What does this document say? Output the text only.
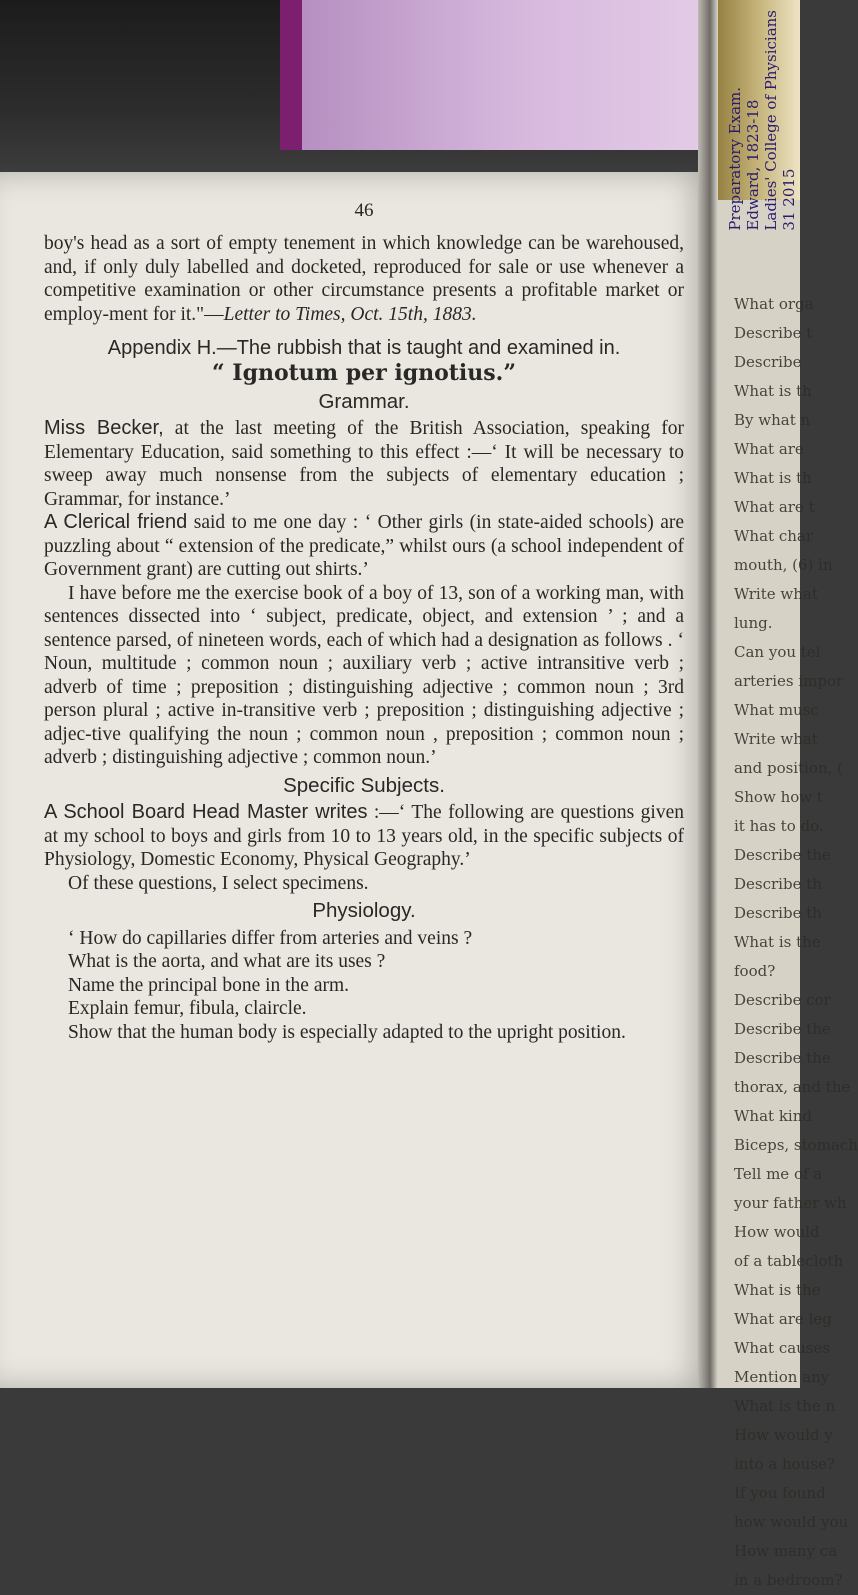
What orga
Describe t
Describe
What is th
By what n
What are
What is th
What are t
What char
mouth, (6) in
Write what
lung.
Can you tel
arteries impor
What musc
Write what
and position, (
Show how t
it has to do.
Describe the
Describe th
Describe th
What is the
food?
Describe cor
Describe the
Describe the
thorax, and the
What kind
Biceps, stomach
Tell me of a
your father wh
How would
of a tablecloth
What is the
What are leg
What causes
Mention any
What is the n
How would y
into a house?
If you found
how would you
How many ca
in a bedroom?
Preparatory Exam.
Edward, 1823-18
Ladies' College of Physicians
31 2015
46

boy's head as a sort of empty tenement in which knowledge can be warehoused, and, if only duly labelled and docketed, reproduced for sale or use whenever a competitive examination or other circumstance presents a profitable market or employ-ment for it."—Letter to Times, Oct. 15th, 1883.

Appendix H.—The rubbish that is taught and examined in.

“ Ignotum per ignotius.”

Grammar.

Miss Becker, at the last meeting of the British Association, speaking for Elementary Education, said something to this effect :—‘ It will be necessary to sweep away much nonsense from the subjects of elementary education ; Grammar, for instance.’

A Clerical friend said to me one day : ‘ Other girls (in state-aided schools) are puzzling about “ extension of the predicate,” whilst ours (a school independent of Government grant) are cutting out shirts.’

I have before me the exercise book of a boy of 13, son of a working man, with sentences dissected into ‘ subject, predicate, object, and extension ’ ; and a sentence parsed, of nineteen words, each of which had a designation as follows . ‘ Noun, multitude ; common noun ; auxiliary verb ; active intransitive verb ; adverb of time ; preposition ; distinguishing adjective ; common noun ; 3rd person plural ; active in-transitive verb ; preposition ; distinguishing adjective ; adjec-tive qualifying the noun ; common noun , preposition ; common noun ; adverb ; distinguishing adjective ; common noun.’

Specific Subjects.

A School Board Head Master writes :—‘ The following are questions given at my school to boys and girls from 10 to 13 years old, in the specific subjects of Physiology, Domestic Economy, Physical Geography.’

Of these questions, I select specimens.

Physiology.

‘ How do capillaries differ from arteries and veins ?

What is the aorta, and what are its uses ?

Name the principal bone in the arm.

Explain femur, fibula, claircle.

Show that the human body is especially adapted to the upright position.
